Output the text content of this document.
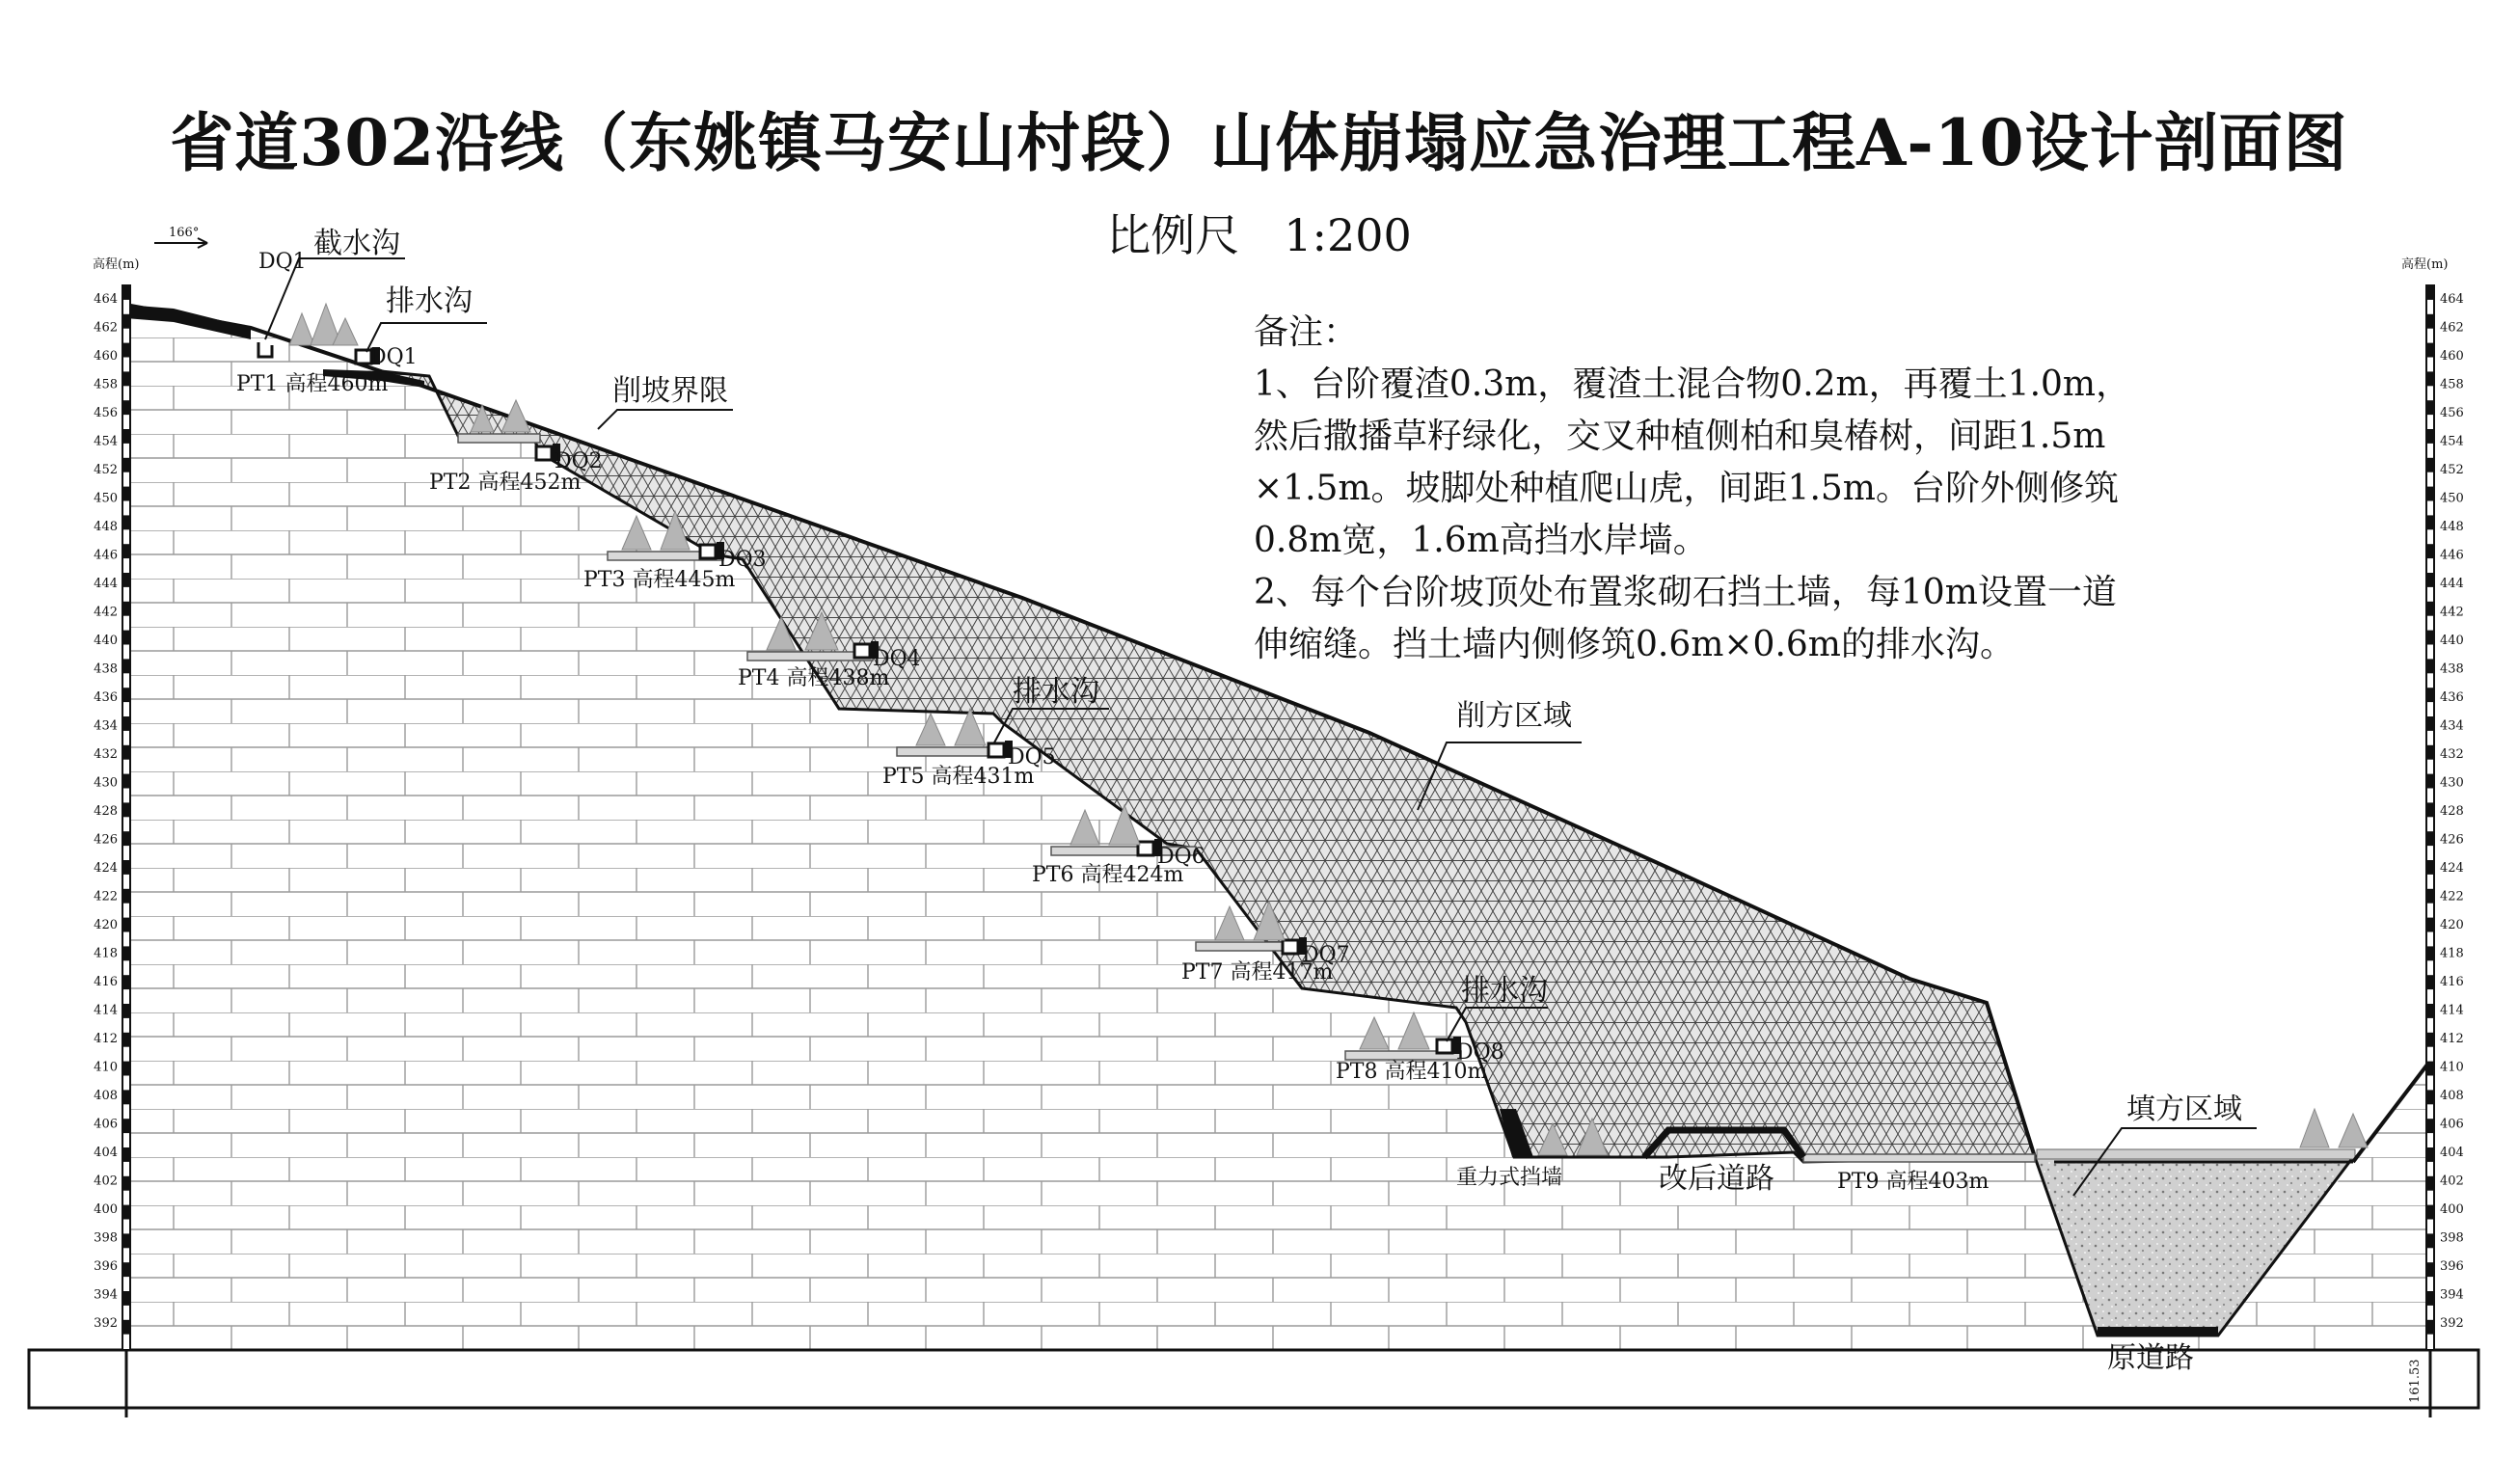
省道302沿线（东姚镇马安山村段）山体崩塌应急治理工程A-10设计剖面图
比例尺　1:200
464
462
460
458
456
454
452
450
448
446
444
442
440
438
436
434
432
430
428
426
424
422
420
418
416
414
412
410
408
406
404
402
400
398
396
394
392
高程(m)
464
462
460
458
456
454
452
450
448
446
444
442
440
438
436
434
432
430
428
426
424
422
420
418
416
414
412
410
408
406
404
402
400
398
396
394
392
高程(m)
161.53
166°
DQ1
截水沟
排水沟
DQ1
削坡界限
排水沟
削方区域
排水沟
重力式挡墙	改后道路
填方区域
原道路
PT1 高程460m
PT2 高程452m
DQ2
PT3 高程445m
DQ3
PT4 高程438m
DQ4
PT5 高程431m
DQ5
PT6 高程424m
DQ6
PT7 高程417m
DQ7
PT8 高程410m
DQ8
PT9 高程403m
备注：
1、台阶覆渣0.3m，覆渣土混合物0.2m，再覆土1.0m，
然后撒播草籽绿化，交叉种植侧柏和臭椿树，间距1.5m
×1.5m。坡脚处种植爬山虎，间距1.5m。台阶外侧修筑
0.8m宽，1.6m高挡水岸墙。
2、每个台阶坡顶处布置浆砌石挡土墙，每10m设置一道
伸缩缝。挡土墙内侧修筑0.6m×0.6m的排水沟。
